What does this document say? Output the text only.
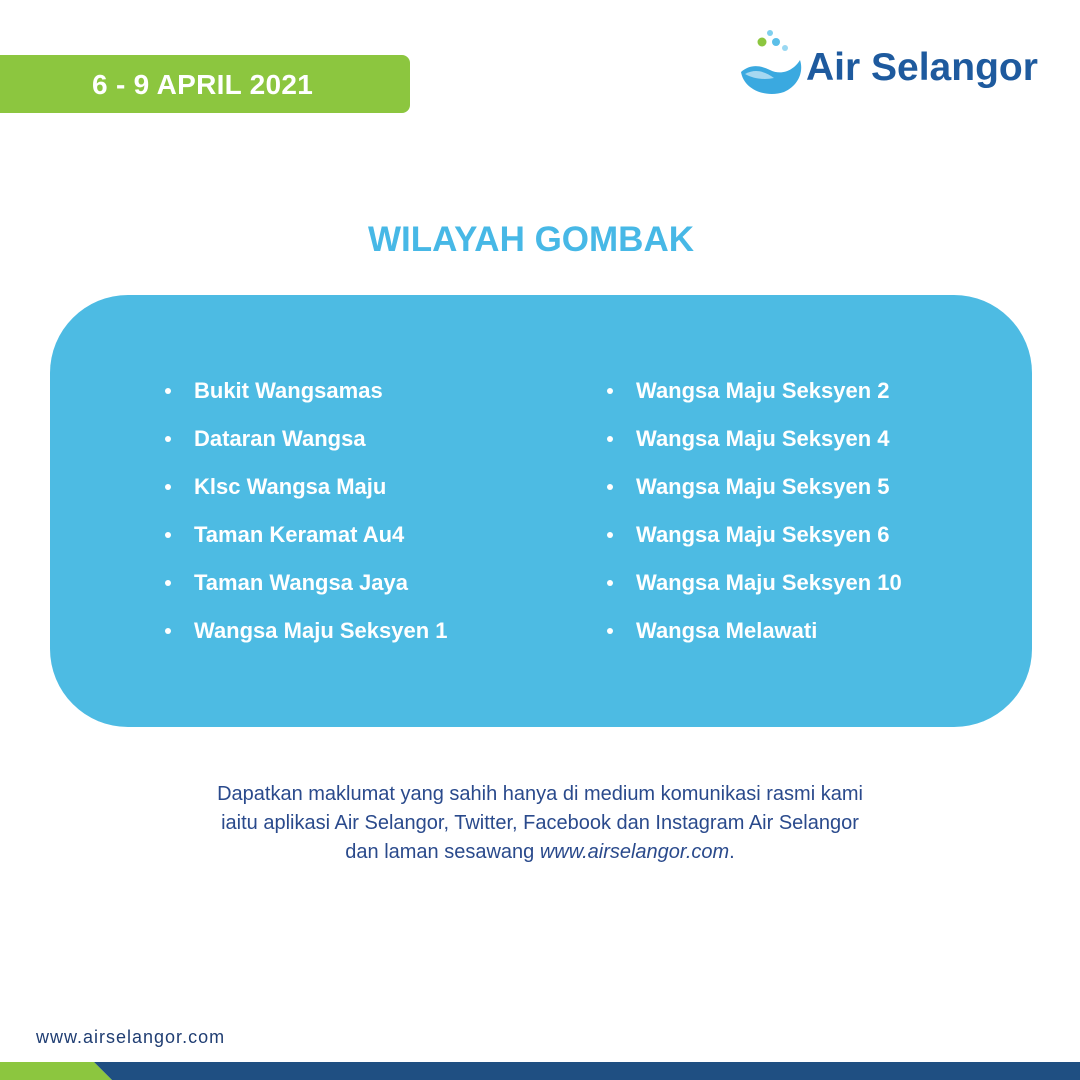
6 - 9 APRIL 2021	Air Selangor
WILAYAH GOMBAK
Bukit Wangsamas
Dataran Wangsa
Klsc Wangsa Maju
Taman Keramat Au4
Taman Wangsa Jaya
Wangsa Maju Seksyen 1
Wangsa Maju Seksyen 2
Wangsa Maju Seksyen 4
Wangsa Maju Seksyen 5
Wangsa Maju Seksyen 6
Wangsa Maju Seksyen 10
Wangsa Melawati
Dapatkan maklumat yang sahih hanya di medium komunikasi rasmi kami
iaitu aplikasi Air Selangor, Twitter, Facebook dan Instagram Air Selangor
dan laman sesawang www.airselangor.com.
www.airselangor.com
